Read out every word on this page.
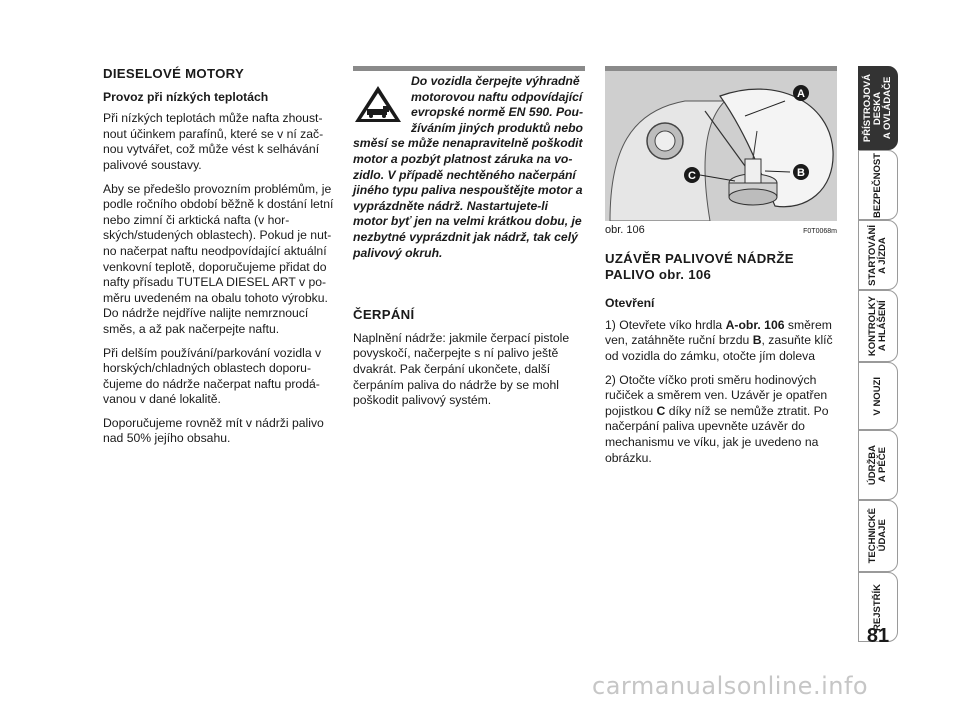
DIESELOVÉ MOTORY
Provoz při nízkých teplotách

Při nízkých teplotách může nafta zhoustnout účinkem parafínů, které se v ní začnou vytvářet, což může vést k selhávání palivové soustavy.

Aby se předešlo provozním problémům, je podle ročního období běžně k dostání letní nebo zimní či arktická nafta (v horských/studených oblastech). Pokud je nutno načerpat naftu neodpovídající aktuální venkovní teplotě, doporučujeme přidat do nafty přísadu TUTELA DIESEL ART v poměru uvedeném na obalu tohoto výrobku. Do nádrže nejdříve nalijte nemrznoucí směs, a až pak načerpejte naftu.

Při delším používání/parkování vozidla v horských/chladných oblastech doporučujeme do nádrže načerpat naftu prodávanou v dané lokalitě.

Doporučujeme rovněž mít v nádrži palivo nad 50% jejího obsahu.

Do vozidla čerpejte výhradně motorovou naftu odpovídající evropské normě EN 590. Používáním jiných produktů nebo směsí se může nenapravitelně poškodit motor a pozbýt platnost záruka na vozidlo. V případě nechtěného načerpání jiného typu paliva nespouštějte motor a vyprázdněte nádrž. Nastartujete-li motor byť jen na velmi krátkou dobu, je nezbytné vyprázdnit jak nádrž, tak celý palivový okruh.

ČERPÁNÍ

Naplnění nádrže: jakmile čerpací pistole povyskočí, načerpejte s ní palivo ještě dvakrát. Pak čerpání ukončete, další čerpáním paliva do nádrže by se mohl poškodit palivový systém.

A
B
C
obr. 106	F0T0068m
UZÁVĚR PALIVOVÉ NÁDRŽE
PALIVO obr. 106
Otevření

1) Otevřete víko hrdla A-obr. 106 směrem ven, zatáhněte ruční brzdu B, zasuňte klíč od vozidla do zámku, otočte jím doleva

2) Otočte víčko proti směru hodinových ručiček a směrem ven. Uzávěr je opatřen pojistkou C díky níž se nemůže ztratit. Po načerpání paliva upevněte uzávěr do mechanismu ve víku, jak je uvedeno na obrázku.

PŘÍSTROJOVÁ
DESKA
A OVLÁDAČE
BEZPEČNOST
STARTOVÁNÍ
A JÍZDA
KONTROLKY
A HLÁŠENÍ
V NOUZI
ÚDRŽBA
A PÉČE
TECHNICKÉ
ÚDAJE
REJSTŘÍK
81
carmanualsonline.info
